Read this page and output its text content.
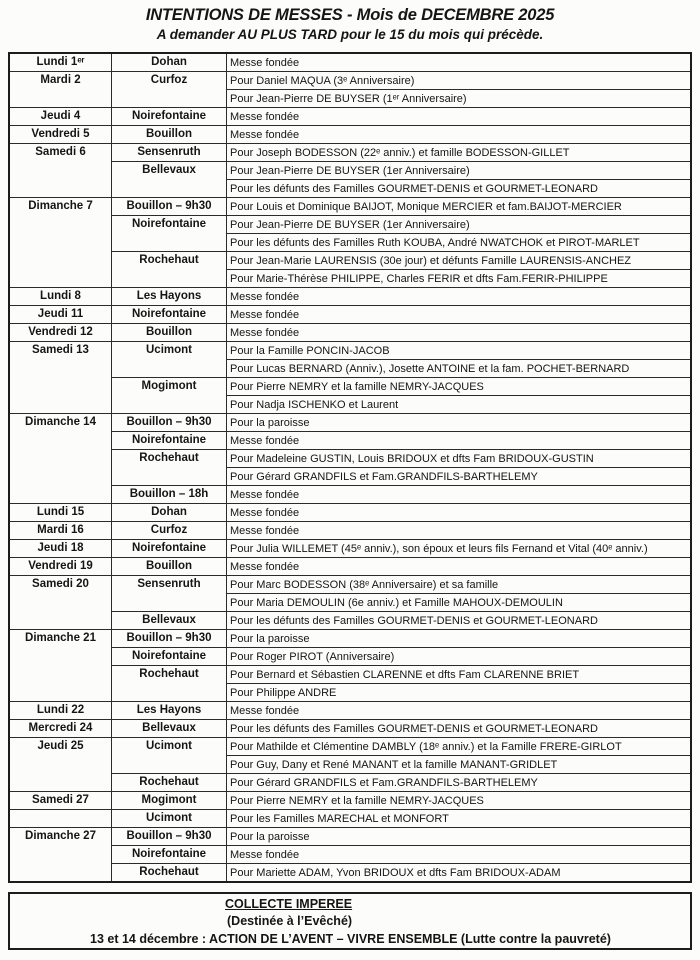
INTENTIONS DE MESSES - Mois de DECEMBRE 2025
A demander AU PLUS TARD pour le 15 du mois qui précède.
Lundi 1ᵉʳ	Dohan	Messe fondée
Mardi 2	Curfoz	Pour Daniel MAQUA (3ᵉ Anniversaire)
		Pour Jean-Pierre DE BUYSER (1ᵉʳ Anniversaire)
Jeudi 4	Noirefontaine	Messe fondée
Vendredi 5	Bouillon	Messe fondée
Samedi 6	Sensenruth	Pour Joseph BODESSON (22ᵉ anniv.) et famille BODESSON-GILLET
	Bellevaux	Pour Jean-Pierre DE BUYSER (1er Anniversaire)
		Pour les défunts des Familles GOURMET-DENIS et GOURMET-LEONARD
Dimanche 7	Bouillon – 9h30	Pour Louis et Dominique BAIJOT, Monique MERCIER et fam.BAIJOT-MERCIER
	Noirefontaine	Pour Jean-Pierre DE BUYSER (1er Anniversaire)
		Pour les défunts des Familles Ruth KOUBA, André NWATCHOK et PIROT-MARLET
	Rochehaut	Pour Jean-Marie LAURENSIS (30e jour) et défunts Famille LAURENSIS-ANCHEZ
		Pour Marie-Thérèse PHILIPPE, Charles FERIR et dfts Fam.FERIR-PHILIPPE
Lundi 8	Les Hayons	Messe fondée
Jeudi 11	Noirefontaine	Messe fondée
Vendredi 12	Bouillon	Messe fondée
Samedi 13	Ucimont	Pour la Famille PONCIN-JACOB
		Pour Lucas BERNARD (Anniv.), Josette ANTOINE et la fam. POCHET-BERNARD
	Mogimont	Pour Pierre NEMRY et la famille NEMRY-JACQUES
		Pour Nadja ISCHENKO et Laurent
Dimanche 14	Bouillon – 9h30	Pour la paroisse
	Noirefontaine	Messe fondée
	Rochehaut	Pour Madeleine GUSTIN, Louis BRIDOUX et dfts Fam BRIDOUX-GUSTIN
		Pour Gérard GRANDFILS et Fam.GRANDFILS-BARTHELEMY
	Bouillon – 18h	Messe fondée
Lundi 15	Dohan	Messe fondée
Mardi 16	Curfoz	Messe fondée
Jeudi 18	Noirefontaine	Pour Julia WILLEMET (45ᵉ anniv.), son époux et leurs fils Fernand et Vital (40ᵉ anniv.)
Vendredi 19	Bouillon	Messe fondée
Samedi 20	Sensenruth	Pour Marc BODESSON (38ᵉ Anniversaire) et sa famille
		Pour Maria DEMOULIN (6e anniv.) et Famille MAHOUX-DEMOULIN
	Bellevaux	Pour les défunts des Familles GOURMET-DENIS et GOURMET-LEONARD
Dimanche 21	Bouillon – 9h30	Pour la paroisse
	Noirefontaine	Pour Roger PIROT (Anniversaire)
	Rochehaut	Pour Bernard et Sébastien CLARENNE et dfts Fam CLARENNE BRIET
		Pour Philippe ANDRE
Lundi 22	Les Hayons	Messe fondée
Mercredi 24	Bellevaux	Pour les défunts des Familles GOURMET-DENIS et GOURMET-LEONARD
Jeudi 25	Ucimont	Pour Mathilde et Clémentine DAMBLY (18ᵉ anniv.) et la Famille FRERE-GIRLOT
		Pour Guy, Dany et René MANANT et la famille MANANT-GRIDLET
	Rochehaut	Pour Gérard GRANDFILS et Fam.GRANDFILS-BARTHELEMY
Samedi 27	Mogimont	Pour Pierre NEMRY et la famille NEMRY-JACQUES
	Ucimont	Pour les Familles MARECHAL et MONFORT
Dimanche 27	Bouillon – 9h30	Pour la paroisse
	Noirefontaine	Messe fondée
	Rochehaut	Pour Mariette ADAM, Yvon BRIDOUX et dfts Fam BRIDOUX-ADAM
COLLECTE IMPEREE
(Destinée à l’Evêché)
13 et 14 décembre : ACTION DE L’AVENT – VIVRE ENSEMBLE (Lutte contre la pauvreté)
